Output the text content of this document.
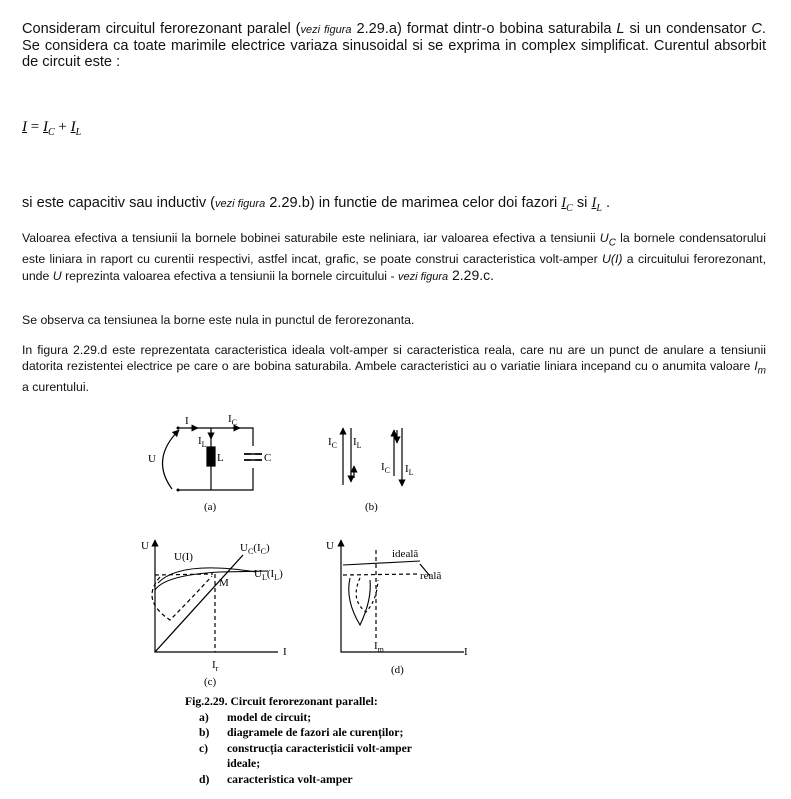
Consideram circuitul ferorezonant paralel (vezi figura 2.29.a) format dintr-o bobina saturabila L si un condensator C. Se considera ca toate marimile electrice variaza sinusoidal si se exprima in complex simplificat. Curentul absorbit de circuit este :
$I = I_C + I_L$
si este capacitiv sau inductiv (vezi figura 2.29.b) in functie de marimea celor doi fazori $I_C$ si $I_L$ .
Valoarea efectiva a tensiunii la bornele bobinei saturabile este neliniara, iar valoarea efectiva a tensiunii $U_C$ la bornele condensatorului este liniara in raport cu curentii respectivi, astfel incat, grafic, se poate construi caracteristica volt-amper U(I) a circuitului ferorezonant, unde U reprezinta valoarea efectiva a tensiunii la bornele circuitului - vezi figura 2.29.c.
Se observa ca tensiunea la borne este nula in punctul de ferorezonanta.
In figura 2.29.d este reprezentata caracteristica ideala volt-amper si caracteristica reala, care nu are un punct de anulare a tensiunii datorita rezistentei electrice pe care o are bobina saturabila. Ambele caracteristici au o variatie liniara incepand cu o anumita valoare $I_m$ a curentului.
I	$I_C$
$I_L$
U	L	C
(a)
$I_C$ $I_L$
$I_C$ $I_L$
(b)
U
I
U(I)
$U_C(I_C)$
$U_L(I_L)$
M
$I_r$
(c)
U
I
ideală
reală
$I_m$
(d)
Fig.2.29. Circuit ferorezonant parallel:
a)	model de circuit;
b)	diagramele de fazori ale curenților;
c)	construcția caracteristicii volt-amper
ideale;
d)	caracteristica volt-amper
